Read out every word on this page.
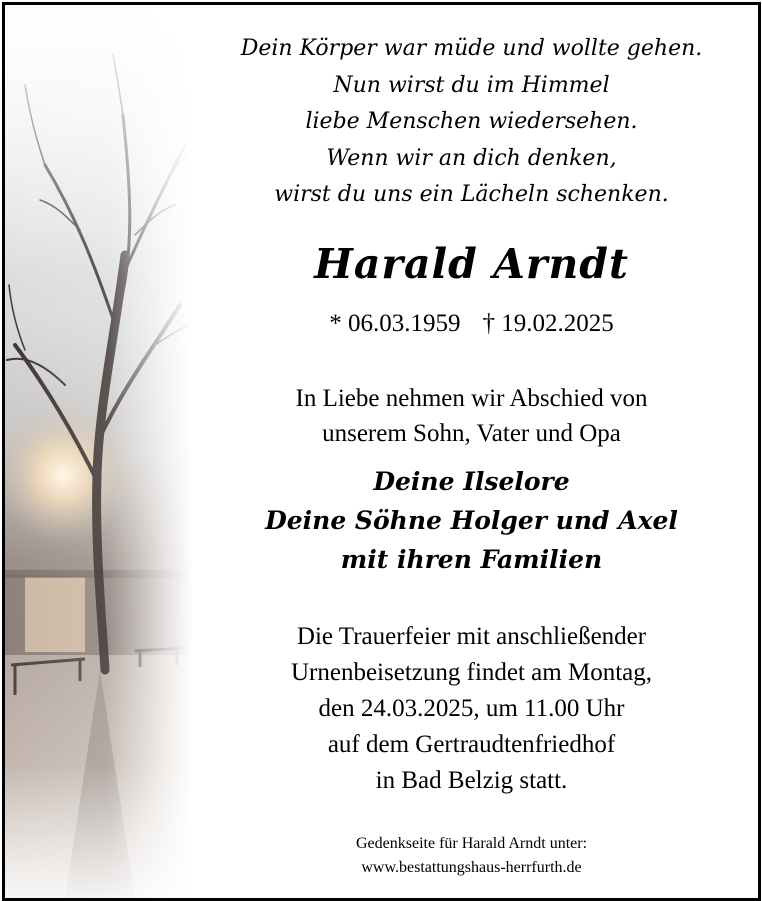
Dein Körper war müde und wollte gehen.
Nun wirst du im Himmel
liebe Menschen wiedersehen.
Wenn wir an dich denken,
wirst du uns ein Lächeln schenken.
Harald Arndt
* 06.03.1959 † 19.02.2025
In Liebe nehmen wir Abschied von
unserem Sohn, Vater und Opa
Deine Ilselore
Deine Söhne Holger und Axel
mit ihren Familien
Die Trauerfeier mit anschließender
Urnenbeisetzung findet am Montag,
den 24.03.2025, um 11.00 Uhr
auf dem Gertraudtenfriedhof
in Bad Belzig statt.
Gedenkseite für Harald Arndt unter:
www.bestattungshaus-herrfurth.de
